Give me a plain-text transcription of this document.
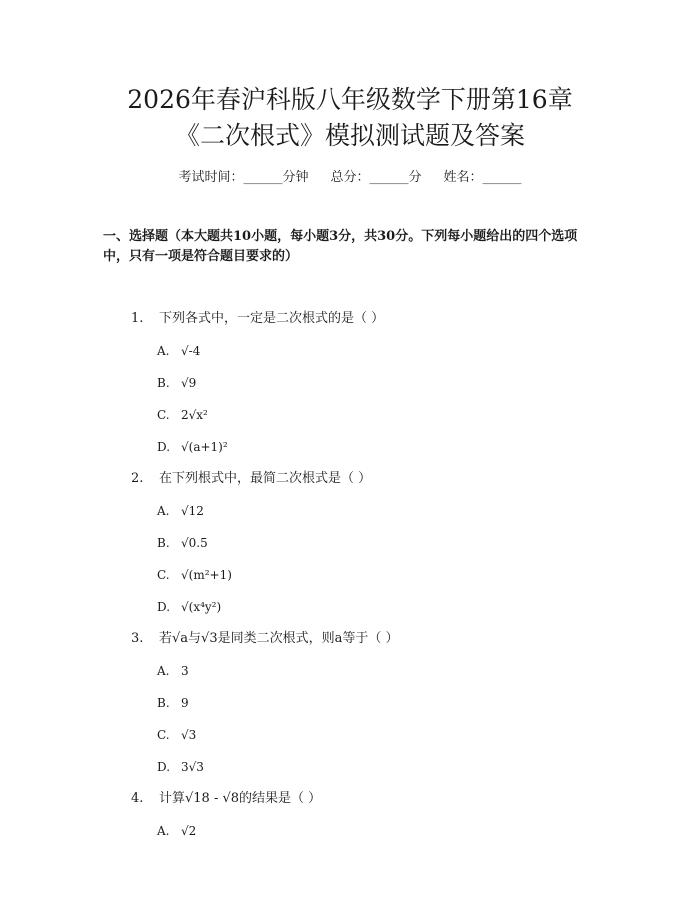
2026年春沪科版八年级数学下册第16章
《二次根式》模拟测试题及答案
考试时间：______分钟 总分：______分 姓名：______
一、选择题（本大题共10小题，每小题3分，共30分。下列每小题给出的四个选项中，只有一项是符合题目要求的）
1. 下列各式中，一定是二次根式的是（ ）
A. √-4
B. √9
C. 2√x²
D. √(a+1)²
2. 在下列根式中，最简二次根式是（ ）
A. √12
B. √0.5
C. √(m²+1)
D. √(x⁴y²)
3. 若√a与√3是同类二次根式，则a等于（ ）
A. 3
B. 9
C. √3
D. 3√3
4. 计算√18 - √8的结果是（ ）
A. √2
